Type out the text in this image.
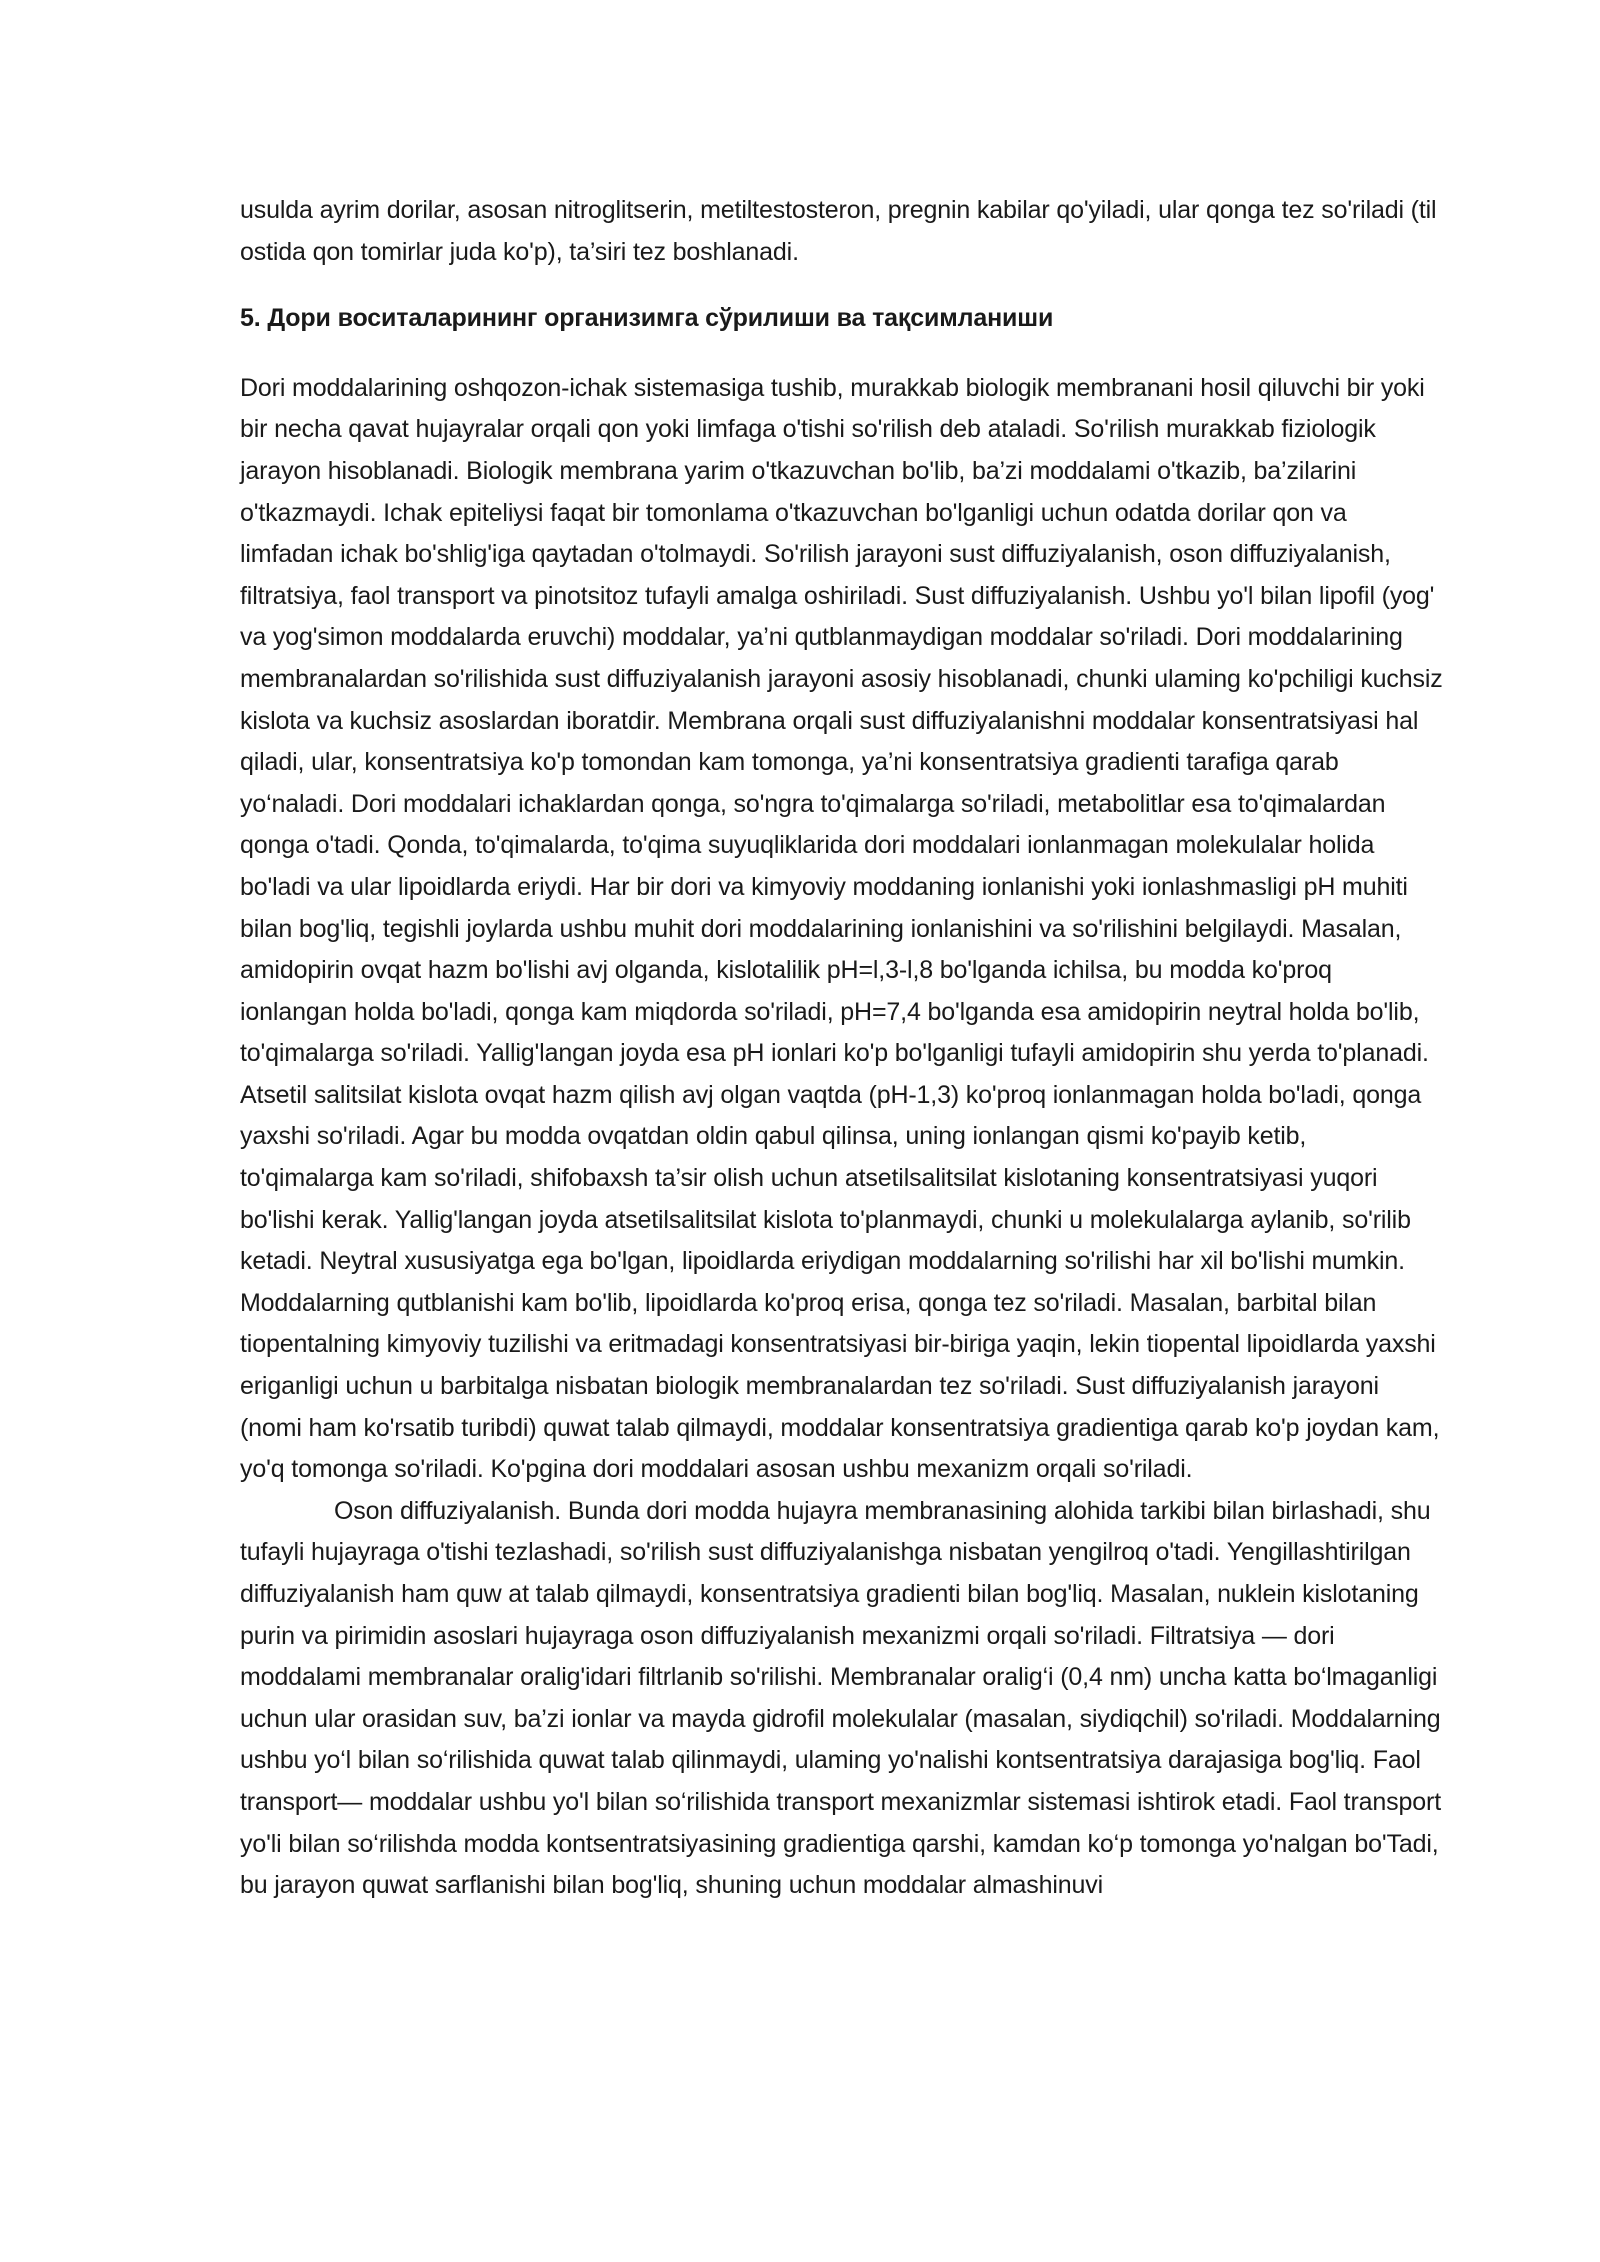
usulda ayrim dorilar, asosan nitroglitserin, metiltestosteron, pregnin kabilar qo'yiladi, ular qonga tez so'riladi (til ostida qon tomirlar juda ko'p), ta’siri tez boshlanadi.

5. Дори воситаларининг организимга сўрилиши ва тақсимланиши

Dori moddalarining oshqozon-ichak sistemasiga tushib, murakkab biologik membranani hosil qiluvchi bir yoki bir necha qavat hujayralar orqali qon yoki limfaga o'tishi so'rilish deb ataladi. So'rilish murakkab fiziologik jarayon hisoblanadi. Biologik membrana yarim o'tkazuvchan bo'lib, ba’zi moddalami o'tkazib, ba’zilarini o'tkazmaydi. Ichak epiteliysi faqat bir tomonlama o'tkazuvchan bo'lganligi uchun odatda dorilar qon va limfadan ichak bo'shlig'iga qaytadan o'tolmaydi. So'rilish jarayoni sust diffuziyalanish, oson diffuziyalanish, filtratsiya, faol transport va pinotsitoz tufayli amalga oshiriladi. Sust diffuziyalanish. Ushbu yo'l bilan lipofil (yog' va yog'simon moddalarda eruvchi) moddalar, ya’ni qutblanmaydigan moddalar so'riladi. Dori moddalarining membranalardan so'rilishida sust diffuziyalanish jarayoni asosiy hisoblanadi, chunki ulaming ko'pchiligi kuchsiz kislota va kuchsiz asoslardan iboratdir. Membrana orqali sust diffuziyalanishni moddalar konsentratsiyasi hal qiladi, ular, konsentratsiya ko'p tomondan kam tomonga, ya’ni konsentratsiya gradienti tarafiga qarab yo‘naladi. Dori moddalari ichaklardan qonga, so'ngra to'qimalarga so'riladi, metabolitlar esa to'qimalardan qonga o'tadi. Qonda, to'qimalarda, to'qima suyuqliklarida dori moddalari ionlanmagan molekulalar holida bo'ladi va ular lipoidlarda eriydi. Har bir dori va kimyoviy moddaning ionlanishi yoki ionlashmasligi pH muhiti bilan bog'liq, tegishli joylarda ushbu muhit dori moddalarining ionlanishini va so'rilishini belgilaydi. Masalan, amidopirin ovqat hazm bo'lishi avj olganda, kislotalilik pH=l,3-l,8 bo'lganda ichilsa, bu modda ko'proq ionlangan holda bo'ladi, qonga kam miqdorda so'riladi, pH=7,4 bo'lganda esa amidopirin neytral holda bo'lib, to'qimalarga so'riladi. Yallig'langan joyda esa pH ionlari ko'p bo'lganligi tufayli amidopirin shu yerda to'planadi. Atsetil salitsilat kislota ovqat hazm qilish avj olgan vaqtda (pH-1,3) ko'proq ionlanmagan holda bo'ladi, qonga yaxshi so'riladi. Agar bu modda ovqatdan oldin qabul qilinsa, uning ionlangan qismi ko'payib ketib, to'qimalarga kam so'riladi, shifobaxsh ta’sir olish uchun atsetilsalitsilat kislotaning konsentratsiyasi yuqori bo'lishi kerak. Yallig'langan joyda atsetilsalitsilat kislota to'planmaydi, chunki u molekulalarga aylanib, so'rilib ketadi. Neytral xususiyatga ega bo'lgan, lipoidlarda eriydigan moddalarning so'rilishi har xil bo'lishi mumkin. Moddalarning qutblanishi kam bo'lib, lipoidlarda ko'proq erisa, qonga tez so'riladi. Masalan, barbital bilan tiopentalning kimyoviy tuzilishi va eritmadagi konsentratsiyasi bir-biriga yaqin, lekin tiopental lipoidlarda yaxshi eriganligi uchun u barbitalga nisbatan biologik membranalardan tez so'riladi. Sust diffuziyalanish jarayoni (nomi ham ko'rsatib turibdi) quwat talab qilmaydi, moddalar konsentratsiya gradientiga qarab ko'p joydan kam, yo'q tomonga so'riladi. Ko'pgina dori moddalari asosan ushbu mexanizm orqali so'riladi.

Oson diffuziyalanish. Bunda dori modda hujayra membranasining alohida tarkibi bilan birlashadi, shu tufayli hujayraga o'tishi tezlashadi, so'rilish sust diffuziyalanishga nisbatan yengilroq o'tadi. Yengillashtirilgan diffuziyalanish ham quw at talab qilmaydi, konsentratsiya gradienti bilan bog'liq. Masalan, nuklein kislotaning purin va pirimidin asoslari hujayraga oson diffuziyalanish mexanizmi orqali so'riladi. Filtratsiya — dori moddalami membranalar oralig'idari filtrlanib so'rilishi. Membranalar oralig‘i (0,4 nm) uncha katta bo‘lmaganligi uchun ular orasidan suv, ba’zi ionlar va mayda gidrofil molekulalar (masalan, siydiqchil) so'riladi. Moddalarning ushbu yo‘l bilan so‘rilishida quwat talab qilinmaydi, ulaming yo'nalishi kontsentratsiya darajasiga bog'liq. Faol transport— moddalar ushbu yo'l bilan so‘rilishida transport mexanizmlar sistemasi ishtirok etadi. Faol transport yo'li bilan so‘rilishda modda kontsentratsiyasining gradientiga qarshi, kamdan ko‘p tomonga yo'nalgan bo'Tadi, bu jarayon quwat sarflanishi bilan bog'liq, shuning uchun moddalar almashinuvi
